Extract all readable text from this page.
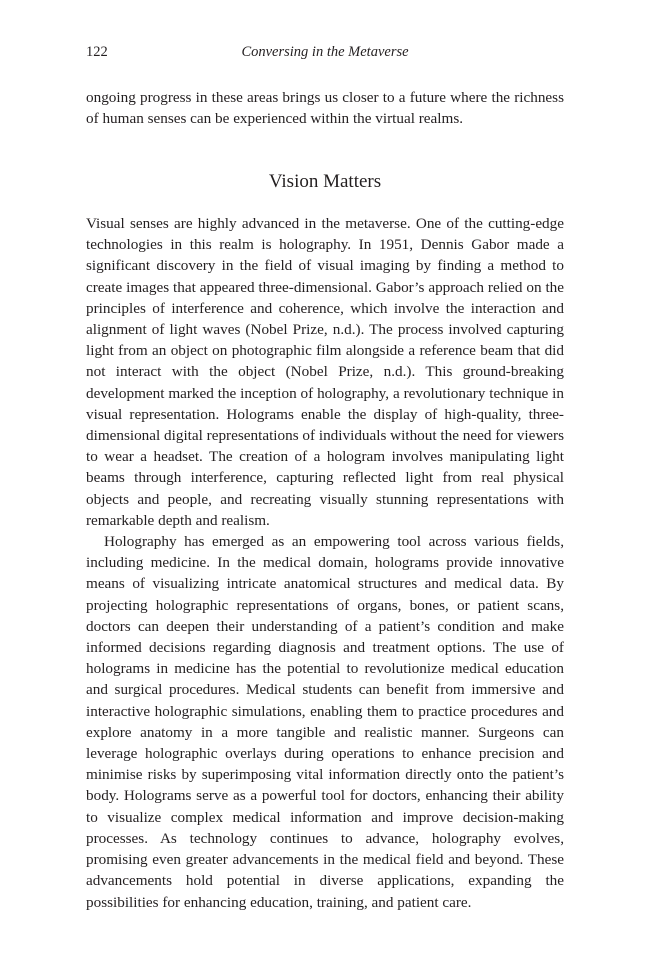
122	Conversing in the Metaverse

ongoing progress in these areas brings us closer to a future where the richness of human senses can be experienced within the virtual realms.

Vision Matters

Visual senses are highly advanced in the metaverse. One of the cutting-edge technologies in this realm is holography. In 1951, Dennis Gabor made a significant discovery in the field of visual imaging by finding a method to create images that appeared three-dimensional. Gabor’s approach relied on the principles of interference and coherence, which involve the interaction and alignment of light waves (Nobel Prize, n.d.). The process involved capturing light from an object on photographic film alongside a reference beam that did not interact with the object (Nobel Prize, n.d.). This ground-breaking development marked the inception of holography, a revolutionary technique in visual representation. Holograms enable the display of high-quality, three-dimensional digital representations of individuals without the need for viewers to wear a headset. The creation of a hologram involves manipulating light beams through interference, capturing reflected light from real physical objects and people, and recreating visually stunning representations with remarkable depth and realism.

Holography has emerged as an empowering tool across various fields, including medicine. In the medical domain, holograms provide innovative means of visualizing intricate anatomical structures and medical data. By projecting holographic representations of organs, bones, or patient scans, doctors can deepen their understanding of a patient’s condition and make informed decisions regarding diagnosis and treatment options. The use of holograms in medicine has the potential to revolutionize medical education and surgical procedures. Medical students can benefit from immersive and interactive holographic simulations, enabling them to practice procedures and explore anatomy in a more tangible and realistic manner. Surgeons can leverage holographic overlays during operations to enhance precision and minimise risks by superimposing vital information directly onto the patient’s body. Holograms serve as a powerful tool for doctors, enhancing their ability to visualize complex medical information and improve decision-making processes. As technology continues to advance, holography evolves, promising even greater advancements in the medical field and beyond. These advancements hold potential in diverse applications, expanding the possibilities for enhancing education, training, and patient care.
